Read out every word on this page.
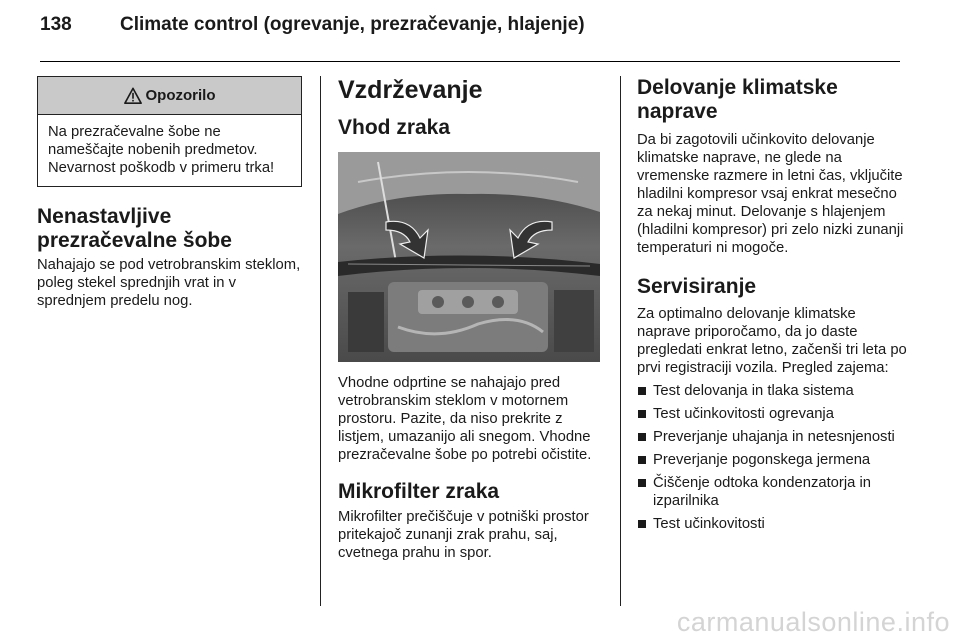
138	Climate control (ogrevanje, prezračevanje, hlajenje)
Opozorilo
Na prezračevalne šobe ne nameščajte nobenih predmetov. Nevarnost poškodb v primeru trka!
Nenastavljive
prezračevalne šobe

Nahajajo se pod vetrobranskim steklom, poleg stekel sprednjih vrat in v sprednjem predelu nog.

Vzdrževanje
Vhod zraka

Vhodne odprtine se nahajajo pred vetrobranskim steklom v motornem prostoru. Pazite, da niso prekrite z listjem, umazanijo ali snegom. Vhodne prezračevalne šobe po potrebi očistite.

Mikrofilter zraka

Mikrofilter prečiščuje v potniški prostor pritekajoč zunanji zrak prahu, saj, cvetnega prahu in spor.

Delovanje klimatske
naprave

Da bi zagotovili učinkovito delovanje klimatske naprave, ne glede na vremenske razmere in letni čas, vključite hladilni kompresor vsaj enkrat mesečno za nekaj minut. Delovanje s hlajenjem (hladilni kompresor) pri zelo nizki zunanji temperaturi ni mogoče.

Servisiranje

Za optimalno delovanje klimatske naprave priporočamo, da jo daste pregledati enkrat letno, začenši tri leta po prvi registraciji vozila. Pregled zajema:

Test delovanja in tlaka sistema
Test učinkovitosti ogrevanja
Preverjanje uhajanja in netesnjenosti
Preverjanje pogonskega jermena
Čiščenje odtoka kondenzatorja in izparilnika
Test učinkovitosti
carmanualsonline.info
